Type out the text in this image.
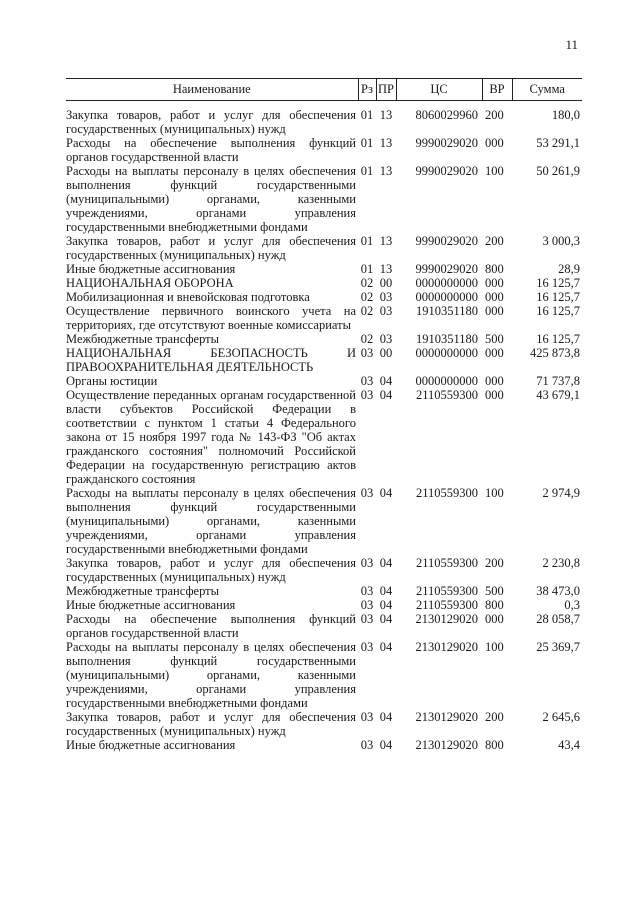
11
Наименование	Рз	ПР	ЦС	ВР	Сумма

Закупка товаров, работ и услуг для обеспечения государственных (муниципальных) нужд	01	13	8060029960	200	180,0
Расходы на обеспечение выполнения функций органов государственной власти	01	13	9990029020	000	53 291,1
Расходы на выплаты персоналу в целях обеспечения выполнения функций государственными (муниципальными) органами, казенными учреждениями, органами управления государственными внебюджетными фондами	01	13	9990029020	100	50 261,9
Закупка товаров, работ и услуг для обеспечения государственных (муниципальных) нужд	01	13	9990029020	200	3 000,3
Иные бюджетные ассигнования	01	13	9990029020	800	28,9
НАЦИОНАЛЬНАЯ ОБОРОНА	02	00	0000000000	000	16 125,7
Мобилизационная и вневойсковая подготовка	02	03	0000000000	000	16 125,7
Осуществление первичного воинского учета на территориях, где отсутствуют военные комиссариаты	02	03	1910351180	000	16 125,7
Межбюджетные трансферты	02	03	1910351180	500	16 125,7
НАЦИОНАЛЬНАЯ БЕЗОПАСНОСТЬ И ПРАВООХРАНИТЕЛЬНАЯ ДЕЯТЕЛЬНОСТЬ	03	00	0000000000	000	425 873,8
Органы юстиции	03	04	0000000000	000	71 737,8
Осуществление переданных органам государственной власти субъектов Российской Федерации в соответствии с пунктом 1 статьи 4 Федерального закона от 15 ноября 1997 года № 143-ФЗ "Об актах гражданского состояния" полномочий Российской Федерации на государственную регистрацию актов гражданского состояния	03	04	2110559300	000	43 679,1
Расходы на выплаты персоналу в целях обеспечения выполнения функций государственными (муниципальными) органами, казенными учреждениями, органами управления государственными внебюджетными фондами	03	04	2110559300	100	2 974,9
Закупка товаров, работ и услуг для обеспечения государственных (муниципальных) нужд	03	04	2110559300	200	2 230,8
Межбюджетные трансферты	03	04	2110559300	500	38 473,0
Иные бюджетные ассигнования	03	04	2110559300	800	0,3
Расходы на обеспечение выполнения функций органов государственной власти	03	04	2130129020	000	28 058,7
Расходы на выплаты персоналу в целях обеспечения выполнения функций государственными (муниципальными) органами, казенными учреждениями, органами управления государственными внебюджетными фондами	03	04	2130129020	100	25 369,7
Закупка товаров, работ и услуг для обеспечения государственных (муниципальных) нужд	03	04	2130129020	200	2 645,6
Иные бюджетные ассигнования	03	04	2130129020	800	43,4
